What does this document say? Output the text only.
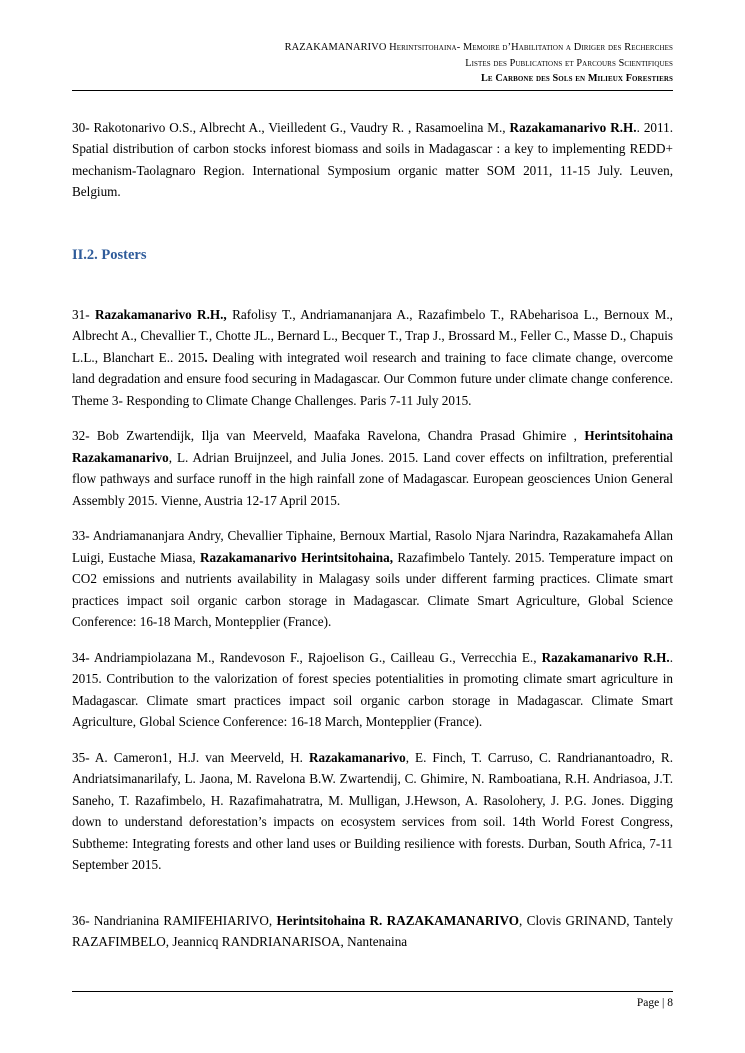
RAZAKAMANARIVO Herintsitohaina- Memoire d’Habilitation a Diriger des Recherches
Listes des Publications et Parcours Scientifiques
Le Carbone des Sols en Milieux Forestiers

30- Rakotonarivo O.S., Albrecht A., Vieilledent G., Vaudry R. , Rasamoelina M., Razakamanarivo R.H.. 2011. Spatial distribution of carbon stocks inforest biomass and soils in Madagascar : a key to implementing REDD+ mechanism-Taolagnaro Region. International Symposium organic matter SOM 2011, 11-15 July. Leuven, Belgium.

II.2. Posters

31- Razakamanarivo R.H., Rafolisy T., Andriamananjara A., Razafimbelo T., RAbeharisoa L., Bernoux M., Albrecht A., Chevallier T., Chotte JL., Bernard L., Becquer T., Trap J., Brossard M., Feller C., Masse D., Chapuis L.L., Blanchart E.. 2015. Dealing with integrated woil research and training to face climate change, overcome land degradation and ensure food securing in Madagascar. Our Common future under climate change conference. Theme 3- Responding to Climate Change Challenges. Paris 7-11 July 2015.

32- Bob Zwartendijk, Ilja van Meerveld, Maafaka Ravelona, Chandra Prasad Ghimire , Herintsitohaina Razakamanarivo, L. Adrian Bruijnzeel, and Julia Jones. 2015. Land cover effects on infiltration, preferential flow pathways and surface runoff in the high rainfall zone of Madagascar. European geosciences Union General Assembly 2015. Vienne, Austria 12-17 April 2015.

33- Andriamananjara Andry, Chevallier Tiphaine, Bernoux Martial, Rasolo Njara Narindra, Razakamahefa Allan Luigi, Eustache Miasa, Razakamanarivo Herintsitohaina, Razafimbelo Tantely. 2015. Temperature impact on CO2 emissions and nutrients availability in Malagasy soils under different farming practices. Climate smart practices impact soil organic carbon storage in Madagascar. Climate Smart Agriculture, Global Science Conference: 16-18 March, Montepplier (France).

34- Andriampiolazana M., Randevoson F., Rajoelison G., Cailleau G., Verrecchia E., Razakamanarivo R.H.. 2015. Contribution to the valorization of forest species potentialities in promoting climate smart agriculture in Madagascar. Climate smart practices impact soil organic carbon storage in Madagascar. Climate Smart Agriculture, Global Science Conference: 16-18 March, Montepplier (France).

35- A. Cameron1, H.J. van Meerveld, H. Razakamanarivo, E. Finch, T. Carruso, C. Randrianantoadro, R. Andriatsimanarilafy, L. Jaona, M. Ravelona B.W. Zwartendij, C. Ghimire, N. Ramboatiana, R.H. Andriasoa, J.T. Saneho, T. Razafimbelo, H. Razafimahatratra, M. Mulligan, J.Hewson, A. Rasolohery, J. P.G. Jones. Digging down to understand deforestation’s impacts on ecosystem services from soil. 14th World Forest Congress, Subtheme: Integrating forests and other land uses or Building resilience with forests. Durban, South Africa, 7-11 September 2015.

36- Nandrianina RAMIFEHIARIVO, Herintsitohaina R. RAZAKAMANARIVO, Clovis GRINAND, Tantely RAZAFIMBELO, Jeannicq RANDRIANARISOA, Nantenaina

Page | 8
